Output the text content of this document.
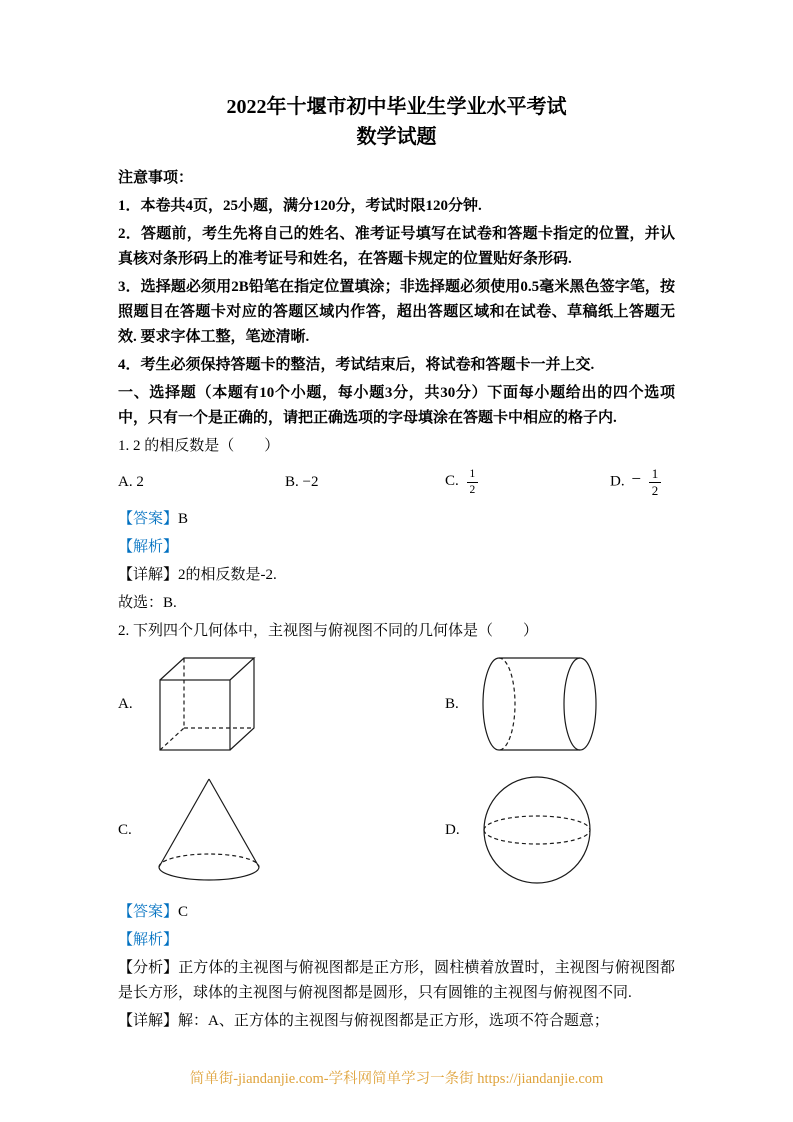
2022年十堰市初中毕业生学业水平考试
数学试题
注意事项：
1．本卷共4页，25小题，满分120分，考试时限120分钟.
2．答题前，考生先将自己的姓名、准考证号填写在试卷和答题卡指定的位置，并认真核对条形码上的准考证号和姓名，在答题卡规定的位置贴好条形码.
3．选择题必须用2B铅笔在指定位置填涂；非选择题必须使用0.5毫米黑色签字笔，按照题目在答题卡对应的答题区域内作答，超出答题区域和在试卷、草稿纸上答题无效. 要求字体工整，笔迹清晰.
4．考生必须保持答题卡的整洁，考试结束后，将试卷和答题卡一并上交.
一、选择题（本题有10个小题，每小题3分，共30分）下面每小题给出的四个选项中，只有一个是正确的，请把正确选项的字母填涂在答题卡中相应的格子内.
1. 2 的相反数是（　　）
A. 2	B. −2	C. $\frac{1}{2}$	D. − $\frac{1}{2}$
【答案】B
【解析】
【详解】2的相反数是-2.
故选：B.
2. 下列四个几何体中，主视图与俯视图不同的几何体是（　　）
A.	B.
C.	D.
【答案】C
【解析】
【分析】正方体的主视图与俯视图都是正方形，圆柱横着放置时，主视图与俯视图都是长方形，球体的主视图与俯视图都是圆形，只有圆锥的主视图与俯视图不同.
【详解】解：A、正方体的主视图与俯视图都是正方形，选项不符合题意；
简单街-jiandanjie.com-学科网简单学习一条街 https://jiandanjie.com
